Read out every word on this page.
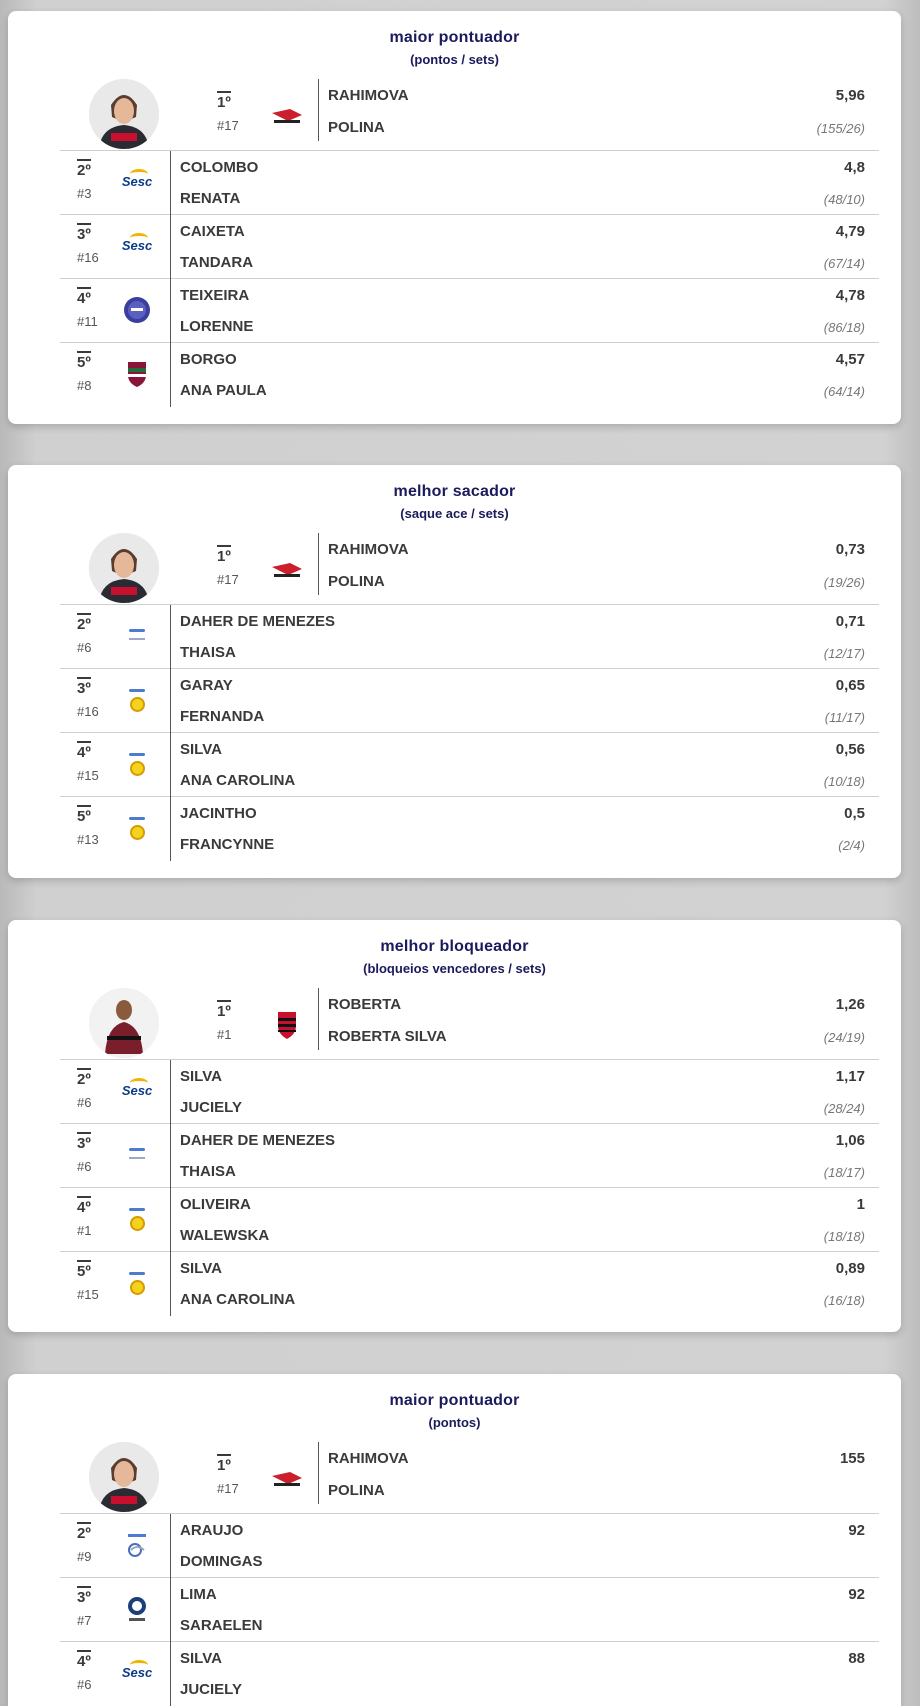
maior pontuador
(pontos / sets)
1º
#17
RAHIMOVA
POLINA
5,96
(155/26)
2º
#3
Sesc
COLOMBO
RENATA
4,8
(48/10)
3º
#16
Sesc
CAIXETA
TANDARA
4,79
(67/14)
4º
#11
TEIXEIRA
LORENNE
4,78
(86/18)
5º
#8
BORGO
ANA PAULA
4,57
(64/14)
melhor sacador
(saque ace / sets)
1º
#17
RAHIMOVA
POLINA
0,73
(19/26)
2º
#6
DAHER DE MENEZES
THAISA
0,71
(12/17)
3º
#16
GARAY
FERNANDA
0,65
(11/17)
4º
#15
SILVA
ANA CAROLINA
0,56
(10/18)
5º
#13
JACINTHO
FRANCYNNE
0,5
(2/4)
melhor bloqueador
(bloqueios vencedores / sets)
1º
#1
ROBERTA
ROBERTA SILVA
1,26
(24/19)
2º
#6
Sesc
SILVA
JUCIELY
1,17
(28/24)
3º
#6
DAHER DE MENEZES
THAISA
1,06
(18/17)
4º
#1
OLIVEIRA
WALEWSKA
1
(18/18)
5º
#15
SILVA
ANA CAROLINA
0,89
(16/18)
maior pontuador
(pontos)
1º
#17
RAHIMOVA
POLINA
155
2º
#9
ARAUJO
DOMINGAS
92
3º
#7
LIMA
SARAELEN
92
4º
#6
Sesc
SILVA
JUCIELY
88
